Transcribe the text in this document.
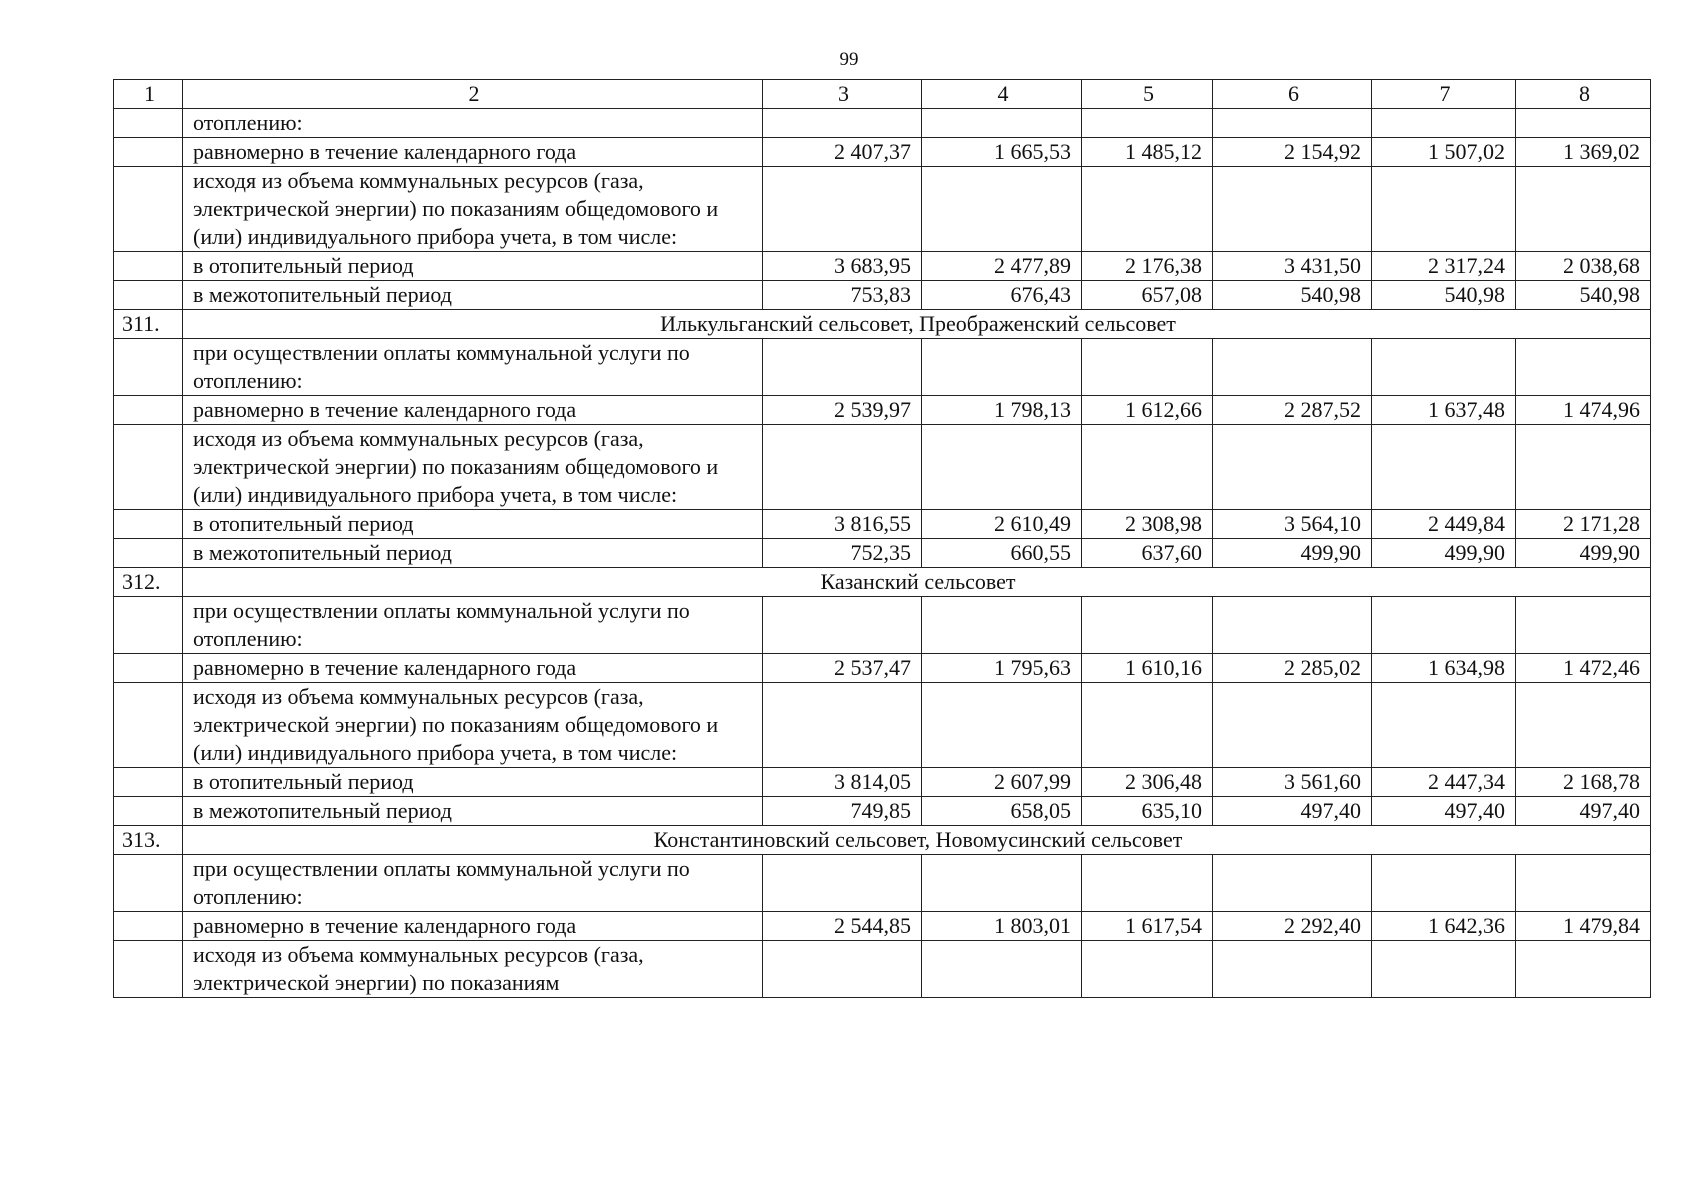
99
1	2	3	4	5	6	7	8
	отоплению:						
	равномерно в течение календарного года	2 407,37	1 665,53	1 485,12	2 154,92	1 507,02	1 369,02
	исходя из объема коммунальных ресурсов (газа, электрической энергии) по показаниям общедомового и (или) индивидуального прибора учета, в том числе:						
	в отопительный период	3 683,95	2 477,89	2 176,38	3 431,50	2 317,24	2 038,68
	в межотопительный период	753,83	676,43	657,08	540,98	540,98	540,98
311.	Илькульганский сельсовет, Преображенский сельсовет						
	при осуществлении оплаты коммунальной услуги по отоплению:						
	равномерно в течение календарного года	2 539,97	1 798,13	1 612,66	2 287,52	1 637,48	1 474,96
	исходя из объема коммунальных ресурсов (газа, электрической энергии) по показаниям общедомового и (или) индивидуального прибора учета, в том числе:						
	в отопительный период	3 816,55	2 610,49	2 308,98	3 564,10	2 449,84	2 171,28
	в межотопительный период	752,35	660,55	637,60	499,90	499,90	499,90
312.	Казанский сельсовет						
	при осуществлении оплаты коммунальной услуги по отоплению:						
	равномерно в течение календарного года	2 537,47	1 795,63	1 610,16	2 285,02	1 634,98	1 472,46
	исходя из объема коммунальных ресурсов (газа, электрической энергии) по показаниям общедомового и (или) индивидуального прибора учета, в том числе:						
	в отопительный период	3 814,05	2 607,99	2 306,48	3 561,60	2 447,34	2 168,78
	в межотопительный период	749,85	658,05	635,10	497,40	497,40	497,40
313.	Константиновский сельсовет, Новомусинский сельсовет						
	при осуществлении оплаты коммунальной услуги по отоплению:						
	равномерно в течение календарного года	2 544,85	1 803,01	1 617,54	2 292,40	1 642,36	1 479,84
	исходя из объема коммунальных ресурсов (газа, электрической энергии) по показаниям						
